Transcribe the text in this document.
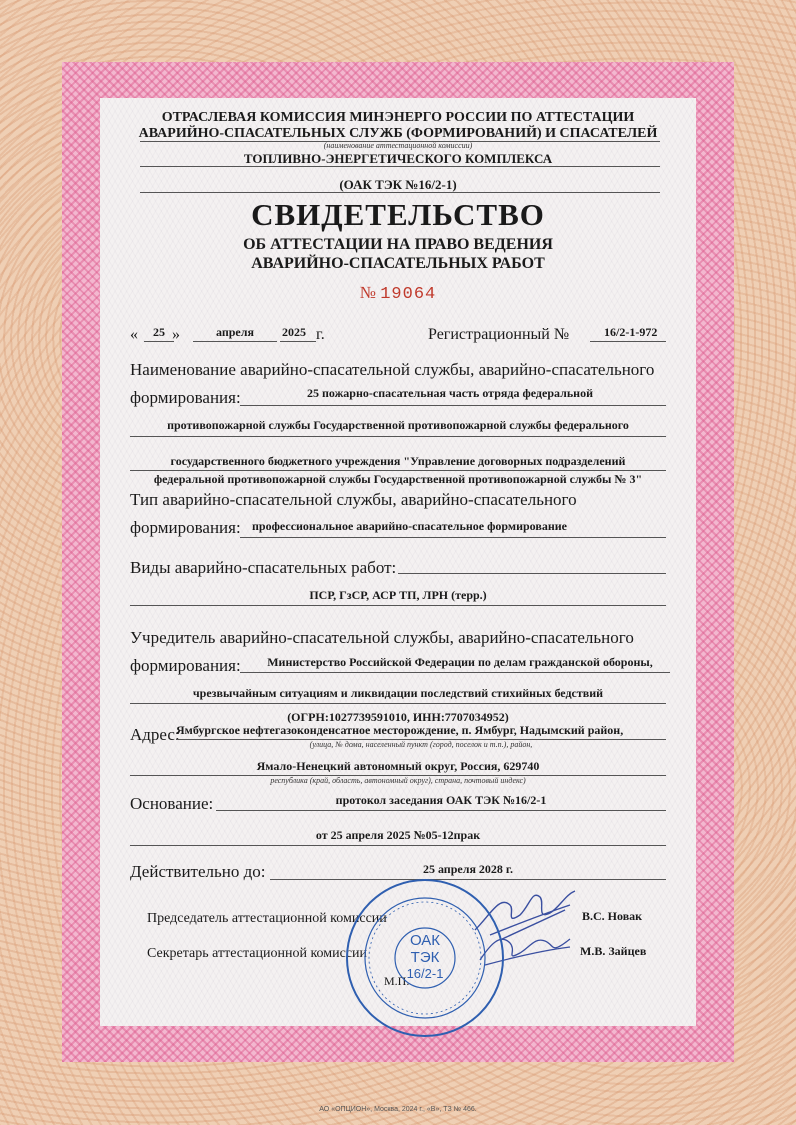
ОТРАСЛЕВАЯ КОМИССИЯ МИНЭНЕРГО РОССИИ ПО АТТЕСТАЦИИ
АВАРИЙНО-СПАСАТЕЛЬНЫХ СЛУЖБ (ФОРМИРОВАНИЙ) И СПАСАТЕЛЕЙ
(наименование аттестационной комиссии)
ТОПЛИВНО-ЭНЕРГЕТИЧЕСКОГО КОМПЛЕКСА
(ОАК ТЭК №16/2-1)
СВИДЕТЕЛЬСТВО
ОБ АТТЕСТАЦИИ НА ПРАВО ВЕДЕНИЯ
АВАРИЙНО-СПАСАТЕЛЬНЫХ РАБОТ
№ 19064
«	25 »	апреля	2025 г.	Регистрационный №	16/2-1-972
Наименование аварийно-спасательной службы, аварийно-спасательного
формирования:	25 пожарно-спасательная часть отряда федеральной
противопожарной службы Государственной противопожарной службы федерального
государственного бюджетного учреждения "Управление договорных подразделений
федеральной противопожарной службы Государственной противопожарной службы № 3"
Тип аварийно-спасательной службы, аварийно-спасательного
формирования: профессиональное аварийно-спасательное формирование
Виды аварийно-спасательных работ:
ПСР, ГзСР, АСР ТП, ЛРН (терр.)
Учредитель аварийно-спасательной службы, аварийно-спасательного
формирования:	Министерство Российской Федерации по делам гражданской обороны,
чрезвычайным ситуациям и ликвидации последствий стихийных бедствий
(ОГРН:1027739591010, ИНН:7707034952)
Адрес:
Ямбургское нефтегазоконденсатное месторождение, п. Ямбург, Надымский район,
(улица, № дома, населенный пункт (город, поселок и т.п.), район,
Ямало-Ненецкий автономный округ, Россия, 629740
республика (край, область, автономный округ), страна, почтовый индекс)
Основание:	протокол заседания ОАК ТЭК №16/2-1
от 25 апреля 2025 №05-12прак
Действительно до:	25 апреля 2028 г.
Председатель аттестационной комиссии	В.С. Новак
Секретарь аттестационной комиссии	М.В. Зайцев
М.П.
ОАК
ТЭК
16/2-1
АО «ОПЦИОН», Москва, 2024 г., «В», ТЗ № 466.
